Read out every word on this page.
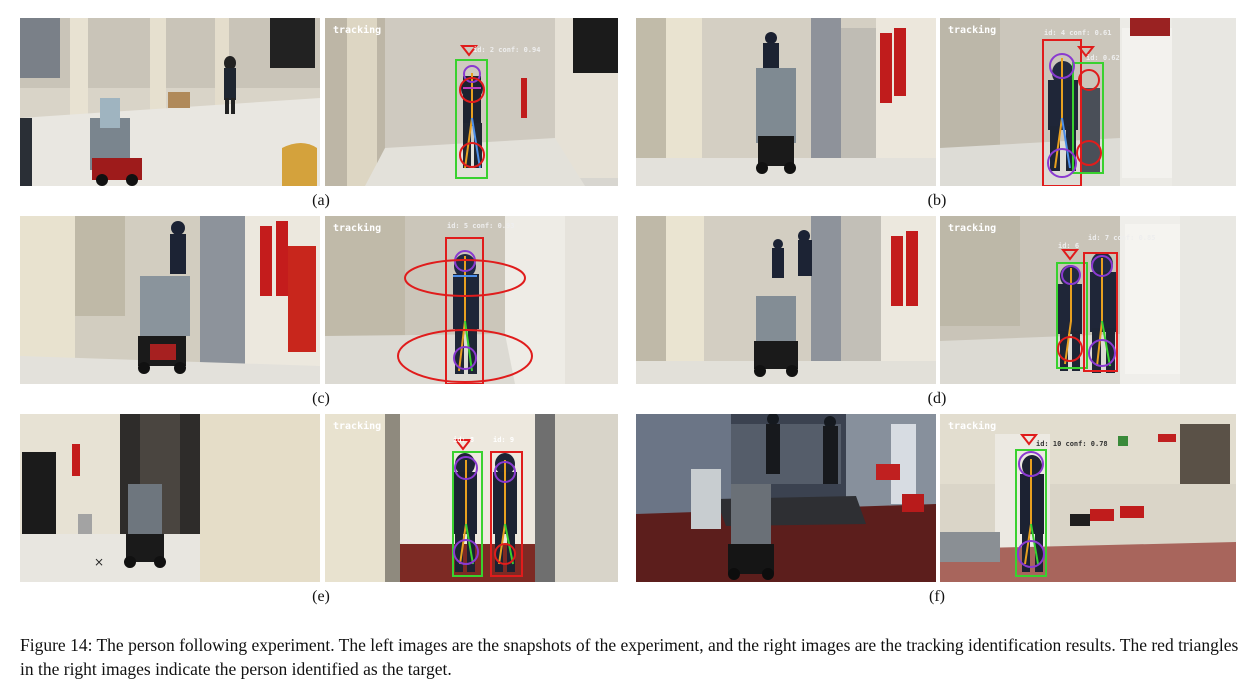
tracking
id: 2 conf: 0.94
tracking	id: 4 conf: 0.61
id: 0.62
(a)	(b)
tracking	id: 5 conf: 0.93	tracking
id: 6
id: 7 conf: 0.85
(c)	(d)
×
tracking
id: 8	id: 9
tracking
id: 10 conf: 0.78
(e)	(f)
Figure 14: The person following experiment. The left images are the snapshots of the experiment, and the right images are the tracking identification results. The red triangles in the right images indicate the person identified as the target.
